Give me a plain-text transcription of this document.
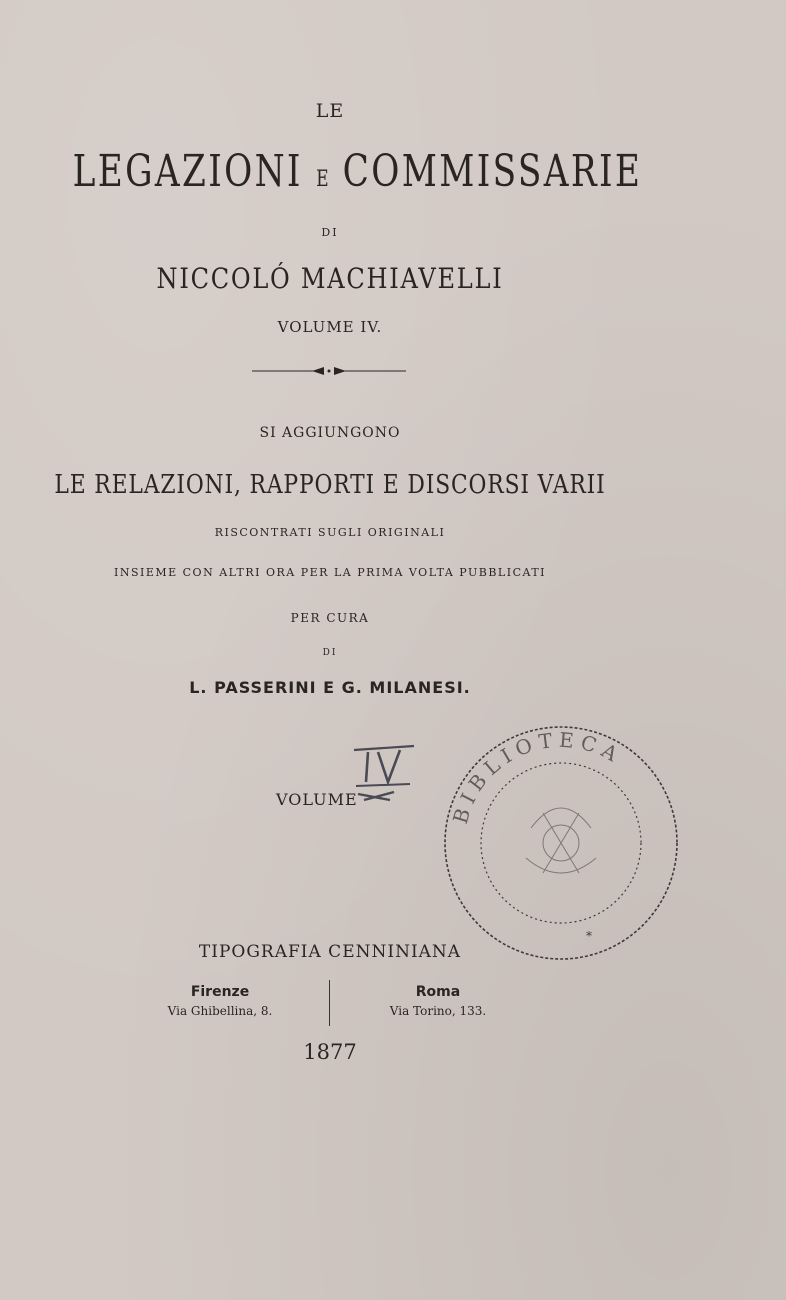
LE
LEGAZIONI E COMMISSARIE
DI
NICCOLÓ MACHIAVELLI
VOLUME IV.
SI AGGIUNGONO
LE RELAZIONI, RAPPORTI E DISCORSI VARII
RISCONTRATI SUGLI ORIGINALI
INSIEME CON ALTRI ORA PER LA PRIMA VOLTA PUBBLICATI
PER CURA
DI
L. PASSERINI E G. MILANESI.
VOLUME
BIBLIOTECA
*
TIPOGRAFIA CENNINIANA
Firenze
Via Ghibellina, 8.
Roma
Via Torino, 133.
1877
